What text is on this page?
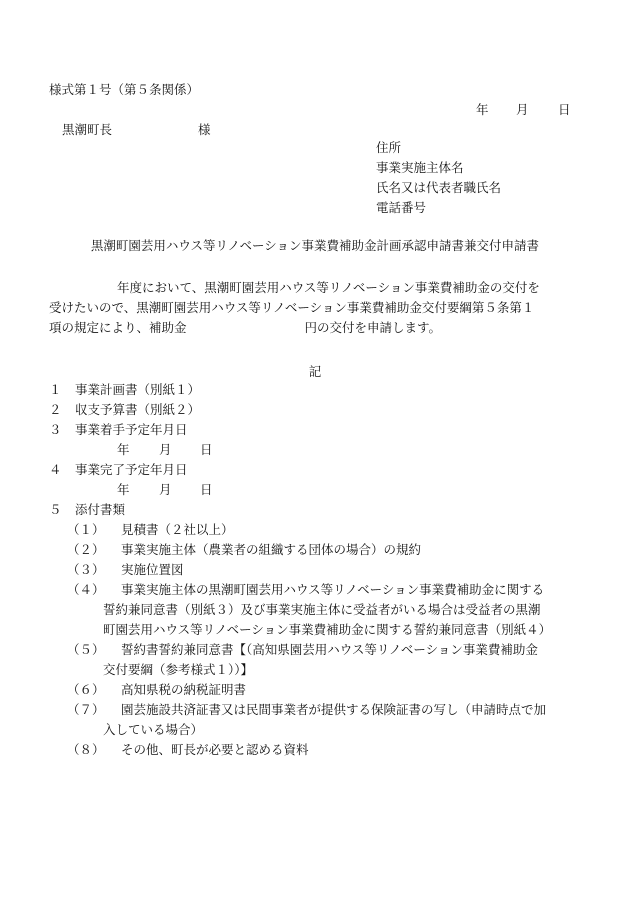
様式第１号（第５条関係）
年 月 日
黒潮町長	様
住所
事業実施主体名
氏名又は代表者職氏名
電話番号
黒潮町園芸用ハウス等リノベーション事業費補助金計画承認申請書兼交付申請書
年度において、黒潮町園芸用ハウス等リノベーション事業費補助金の交付を
受けたいので、黒潮町園芸用ハウス等リノベーション事業費補助金交付要綱第５条第１
項の規定により、補助金	円の交付を申請します。
記
１ 事業計画書（別紙１）
２ 収支予算書（別紙２）
３ 事業着手予定年月日
年 月 日
４ 事業完了予定年月日
年 月 日
５ 添付書類
（１） 見積書（２社以上）
（２） 事業実施主体（農業者の組織する団体の場合）の規約
（３） 実施位置図
（４） 事業実施主体の黒潮町園芸用ハウス等リノベーション事業費補助金に関する
誓約兼同意書（別紙３）及び事業実施主体に受益者がいる場合は受益者の黒潮
町園芸用ハウス等リノベーション事業費補助金に関する誓約兼同意書（別紙４）
（５） 誓約書誓約兼同意書【（高知県園芸用ハウス等リノベーション事業費補助金
交付要綱（参考様式１））】
（６） 高知県税の納税証明書
（７） 園芸施設共済証書又は民間事業者が提供する保険証書の写し（申請時点で加
入している場合）
（８） その他、町長が必要と認める資料
